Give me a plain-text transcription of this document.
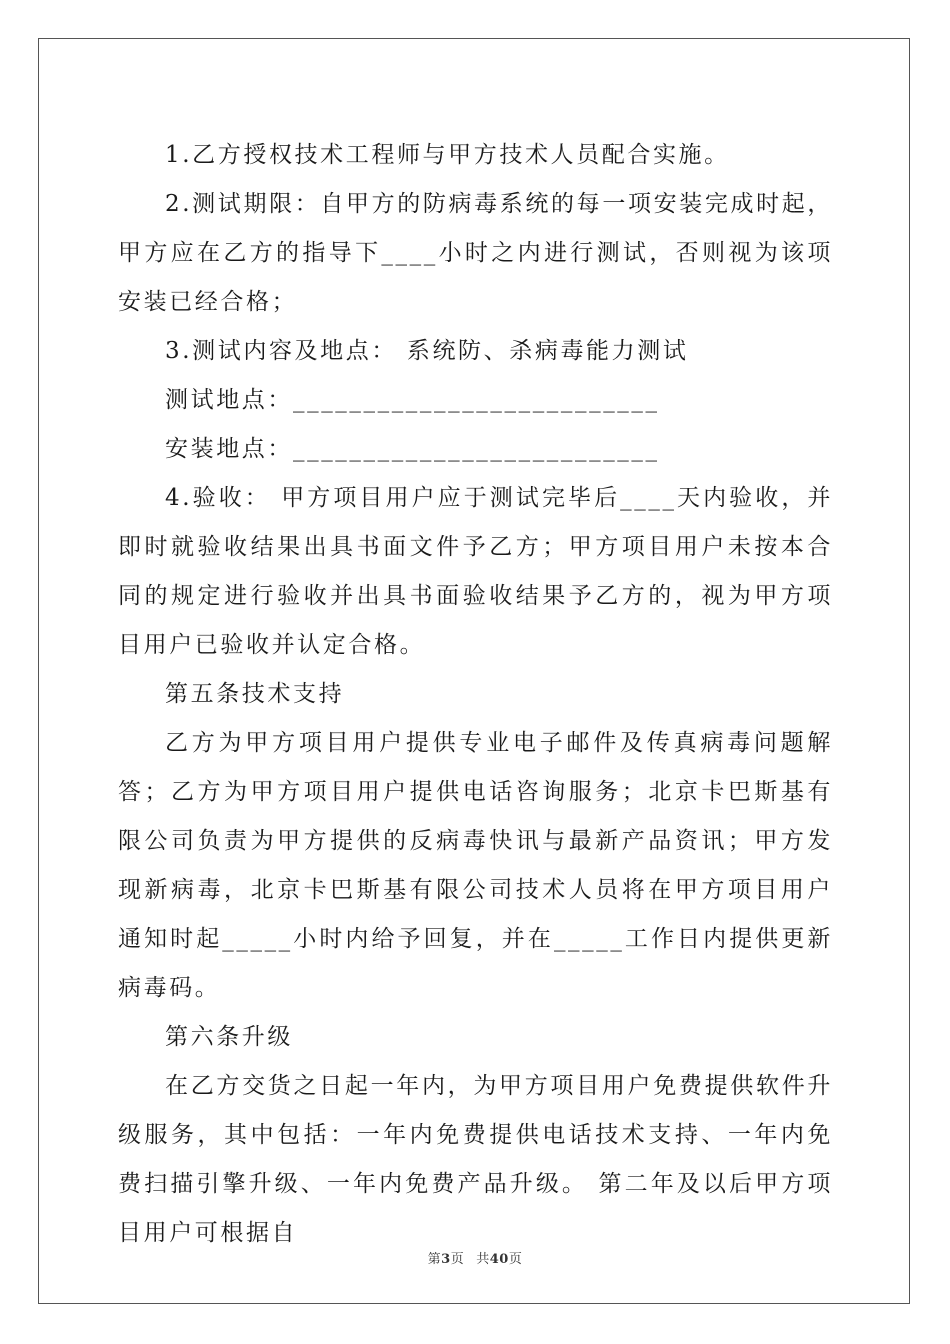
1.乙方授权技术工程师与甲方技术人员配合实施。

2.测试期限：自甲方的防病毒系统的每一项安装完成时起，甲方应在乙方的指导下____小时之内进行测试，否则视为该项安装已经合格；

3.测试内容及地点： 系统防、杀病毒能力测试

测试地点：__________________________

安装地点：__________________________

4.验收： 甲方项目用户应于测试完毕后____天内验收，并即时就验收结果出具书面文件予乙方；甲方项目用户未按本合同的规定进行验收并出具书面验收结果予乙方的，视为甲方项目用户已验收并认定合格。

第五条技术支持

乙方为甲方项目用户提供专业电子邮件及传真病毒问题解答；乙方为甲方项目用户提供电话咨询服务；北京卡巴斯基有限公司负责为甲方提供的反病毒快讯与最新产品资讯；甲方发现新病毒，北京卡巴斯基有限公司技术人员将在甲方项目用户通知时起_____小时内给予回复，并在_____工作日内提供更新病毒码。

第六条升级

在乙方交货之日起一年内，为甲方项目用户免费提供软件升级服务，其中包括：一年内免费提供电话技术支持、一年内免费扫描引擎升级、一年内免费产品升级。 第二年及以后甲方项目用户可根据自

第3页 共40页
